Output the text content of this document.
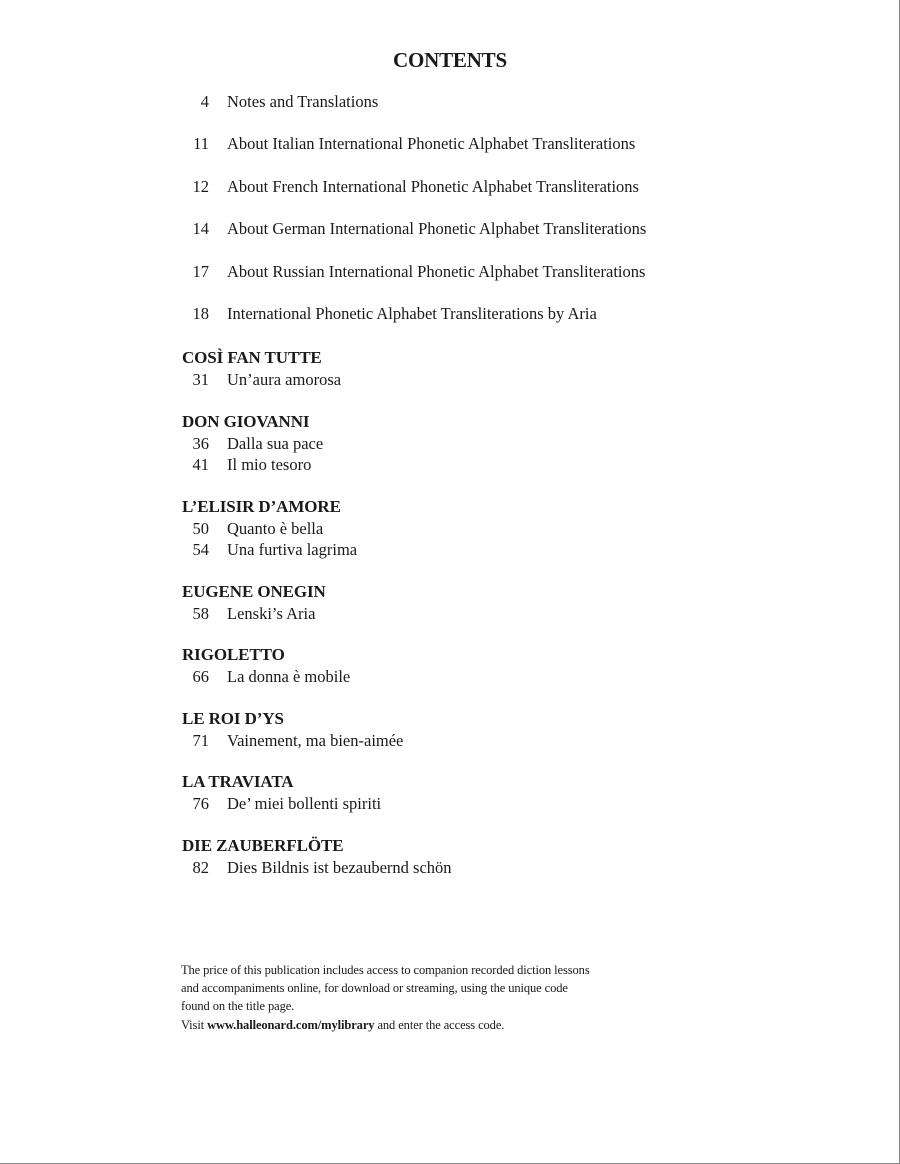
CONTENTS
4 Notes and Translations
11 About Italian International Phonetic Alphabet Transliterations
12 About French International Phonetic Alphabet Transliterations
14 About German International Phonetic Alphabet Transliterations
17 About Russian International Phonetic Alphabet Transliterations
18 International Phonetic Alphabet Transliterations by Aria
COSÌ FAN TUTTE
31 Un’aura amorosa
DON GIOVANNI
36 Dalla sua pace
41 Il mio tesoro
L’ELISIR D’AMORE
50 Quanto è bella
54 Una furtiva lagrima
EUGENE ONEGIN
58 Lenski’s Aria
RIGOLETTO
66 La donna è mobile
LE ROI D’YS
71 Vainement, ma bien-aimée
LA TRAVIATA
76 De’ miei bollenti spiriti
DIE ZAUBERFLÖTE
82 Dies Bildnis ist bezaubernd schön
The price of this publication includes access to companion recorded diction lessons
and accompaniments online, for download or streaming, using the unique code
found on the title page.
Visit www.halleonard.com/mylibrary and enter the access code.
